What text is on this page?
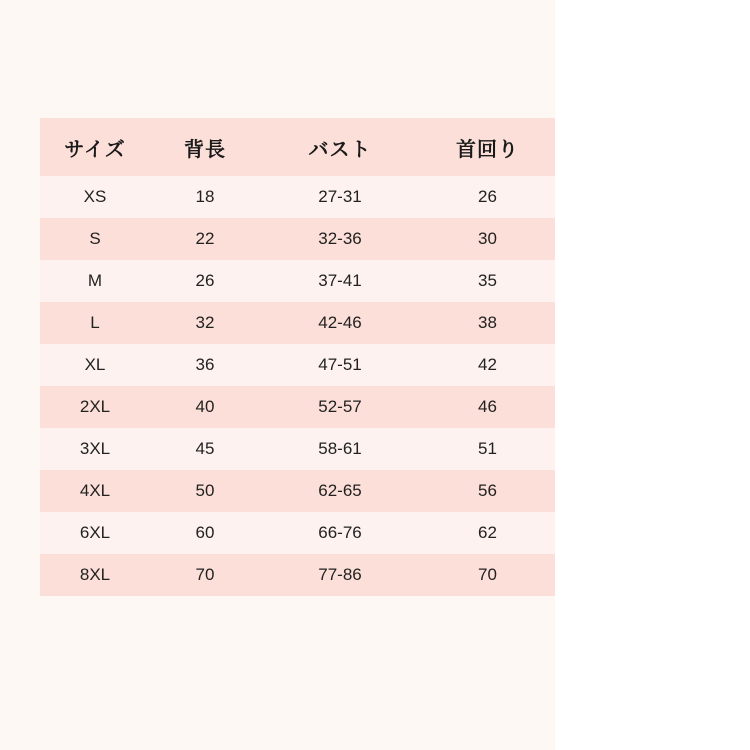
サイズ	背長	バスト	首回り
XS	18	27-31	26
S	22	32-36	30
M	26	37-41	35
L	32	42-46	38
XL	36	47-51	42
2XL	40	52-57	46
3XL	45	58-61	51
4XL	50	62-65	56
6XL	60	66-76	62
8XL	70	77-86	70
